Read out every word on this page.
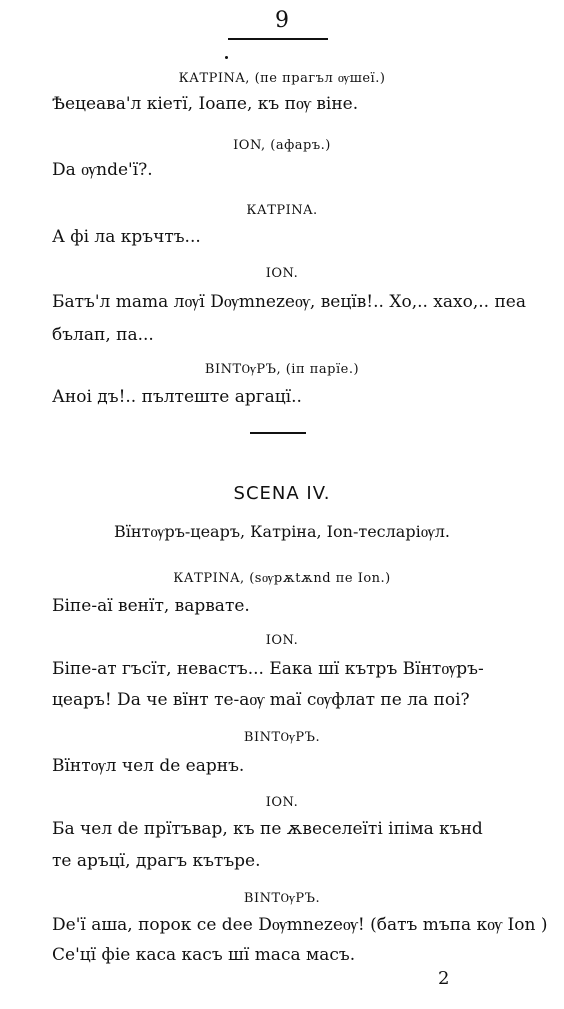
9
КАТРІNA, (пе прагъл ѹшеї.)
Ѣецеава'л кіетї, Іоапе, къ пѹ віне.
ІОN, (афаръ.)
Da ѹnde'ї?.
КАТРІNA.
А фі ла кръчтъ...
ІОN.
Батъ'л mama лѹї Dѹmnezeѹ, вецїв!.. Хо,.. хахо,.. пеа
бълап, па...
ВІNТѸРЪ, (іп парїе.)
Аноі дъ!.. пълтеште аргацї..
SCENA IV.
Вїнтѹръ-цеаръ, Катріна, Іоn-тесларіѹл.
КАТРІNA, (sѹрѫtѫnd пе Іоn.)
Біпе-аї венїт, варвате.
ІОN.
Біпе-ат гъсїт, невастъ... Еака шї кътръ Вїнтѹръ-
цеаръ! Da че вїнт те-аѹ mаї сѹфлат пе ла поі?
ВІNТѸРЪ.
Вїнтѹл чел de еарнъ.
ІОN.
Ба чел de прїтъвар, къ пе ѫвеселеїті іпіма кънd
те аръцї, драгъ кътъре.
ВІNТѸРЪ.
De'ї аша, порок се dee Dѹmnezeѹ! (батъ mъпа кѹ Іоn )
Се'цї фіе каса касъ шї mаса масъ.
2
